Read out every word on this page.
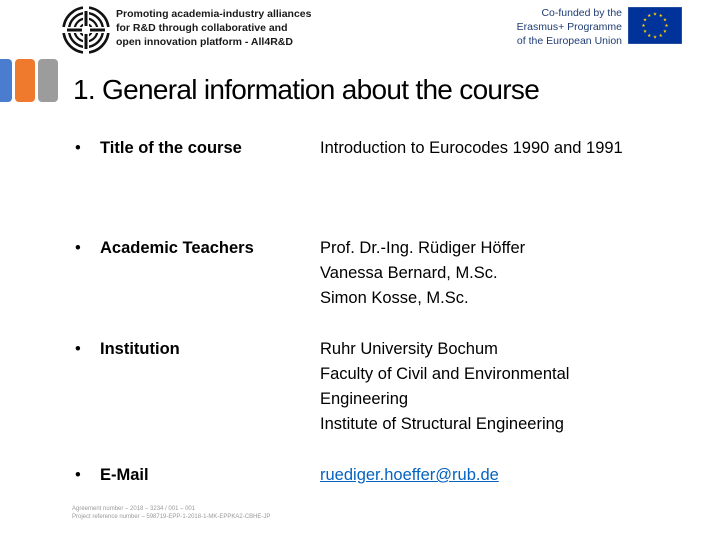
Promoting academia-industry alliances
for R&D through collaborative and
open innovation platform - All4R&D
Co-funded by the
Erasmus+ Programme
of the European Union
1. General information about the course
• Title of the course	Introduction to Eurocodes 1990 and 1991
• Academic Teachers	Prof. Dr.-Ing. Rüdiger Höffer
Vanessa Bernard, M.Sc.
Simon Kosse, M.Sc.
• Institution	Ruhr University Bochum
Faculty of Civil and Environmental
Engineering
Institute of Structural Engineering
• E-Mail	ruediger.hoeffer@rub.de
Agreement number – 2018 – 3234 / 001 – 001
Project reference number – 598719-EPP-1-2018-1-MK-EPPKA2-CBHE-JP
